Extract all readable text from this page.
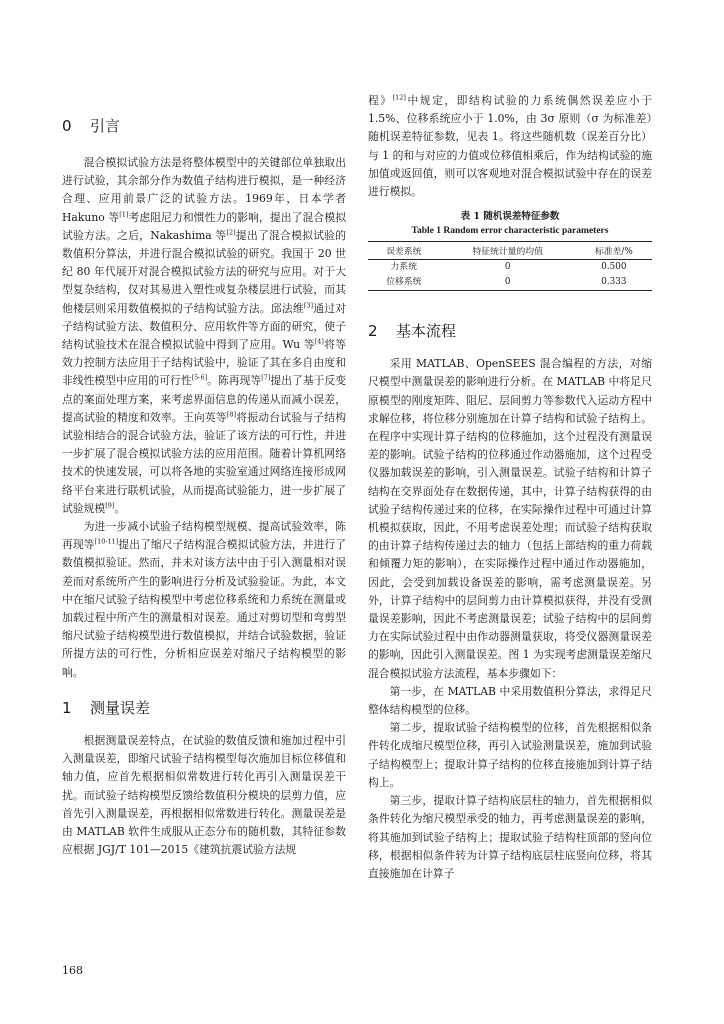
0 引言

混合模拟试验方法是将整体模型中的关键部位单独取出进行试验，其余部分作为数值子结构进行模拟，是一种经济合理、应用前景广泛的试验方法。1969年，日本学者 Hakuno 等[1]考虑阻尼力和惯性力的影响，提出了混合模拟试验方法。之后，Nakashima 等[2]提出了混合模拟试验的数值积分算法，并进行混合模拟试验的研究。我国于 20 世纪 80 年代展开对混合模拟试验方法的研究与应用。对于大型复杂结构，仅对其易进入塑性或复杂楼层进行试验，而其他楼层则采用数值模拟的子结构试验方法。邱法维[3]通过对子结构试验方法、数值积分、应用软件等方面的研究，使子结构试验技术在混合模拟试验中得到了应用。Wu 等[4]将等效力控制方法应用于子结构试验中，验证了其在多自由度和非线性模型中应用的可行性[5-6]。陈再现等[7]提出了基于反变点的案面处理方案，来考虑界面信息的传递从而减小误差，提高试验的精度和效率。王向英等[8]将振动台试验与子结构试验相结合的混合试验方法，验证了该方法的可行性，并进一步扩展了混合模拟试验方法的应用范围。随着计算机网络技术的快速发展，可以将各地的实验室通过网络连接形成网络平台来进行联机试验，从而提高试验能力，进一步扩展了试验规模[9]。

为进一步减小试验子结构模型规模、提高试验效率，陈再现等[10-11]提出了缩尺子结构混合模拟试验方法，并进行了数值模拟验证。然而，并未对该方法中由于引入测量相对误差而对系统所产生的影响进行分析及试验验证。为此，本文中在缩尺试验子结构模型中考虑位移系统和力系统在测量或加载过程中所产生的测量相对误差。通过对剪切型和弯剪型缩尺试验子结构模型进行数值模拟，并结合试验数据，验证所提方法的可行性，分析相应误差对缩尺子结构模型的影响。

1 测量误差

根据测量误差特点，在试验的数值反馈和施加过程中引入测量误差，即缩尺试验子结构模型每次施加目标位移值和轴力值，应首先根据相似常数进行转化再引入测量误差干扰。而试验子结构模型反馈给数值积分模块的层剪力值，应首先引入测量误差，再根据相似常数进行转化。测量误差是由 MATLAB 软件生成服从正态分布的随机数，其特征参数应根据 JGJ/T 101—2015《建筑抗震试验方法规

程》[12]中规定，即结构试验的力系统偶然误差应小于 1.5%、位移系统应小于 1.0%，由 3σ 原则（σ 为标准差）随机误差特征参数，见表 1。将这些随机数（误差百分比）与 1 的和与对应的力值或位移值相乘后，作为结构试验的施加值或返回值，则可以客观地对混合模拟试验中存在的误差进行模拟。

表 1 随机误差特征参数
Table 1 Random error characteristic parameters
误差系统	特征统计量的均值	标准差/%
力系统	0	0.500
位移系统	0	0.333
2 基本流程

采用 MATLAB、OpenSEES 混合编程的方法，对缩尺模型中测量误差的影响进行分析。在 MATLAB 中将足尺原模型的刚度矩阵、阻尼、层间剪力等参数代入运动方程中求解位移，将位移分别施加在计算子结构和试验子结构上。在程序中实现计算子结构的位移施加，这个过程没有测量误差的影响。试验子结构的位移通过作动器施加，这个过程受仪器加载误差的影响，引入测量误差。试验子结构和计算子结构在交界面处存在数据传递，其中，计算子结构获得的由试验子结构传递过来的位移，在实际操作过程中可通过计算机模拟获取，因此，不用考虑误差处理；而试验子结构获取的由计算子结构传递过去的轴力（包括上部结构的重力荷载和倾覆力矩的影响），在实际操作过程中通过作动器施加，因此，会受到加载设备误差的影响，需考虑测量误差。另外，计算子结构中的层间剪力由计算模拟获得，并没有受测量误差影响，因此不考虑测量误差；试验子结构中的层间剪力在实际试验过程中由作动器测量获取，将受仪器测量误差的影响，因此引入测量误差。图 1 为实现考虑测量误差缩尺混合模拟试验方法流程，基本步骤如下：

第一步，在 MATLAB 中采用数值积分算法，求得足尺整体结构模型的位移。

第二步，提取试验子结构模型的位移，首先根据相似条件转化成缩尺模型位移，再引入试验测量误差，施加到试验子结构模型上；提取计算子结构的位移直接施加到计算子结构上。

第三步，提取计算子结构底层柱的轴力，首先根据相似条件转化为缩尺模型承受的轴力，再考虑测量误差的影响，将其施加到试验子结构上；提取试验子结构柱顶部的竖向位移，根据相似条件转为计算子结构底层柱底竖向位移，将其直接施加在计算子

168
